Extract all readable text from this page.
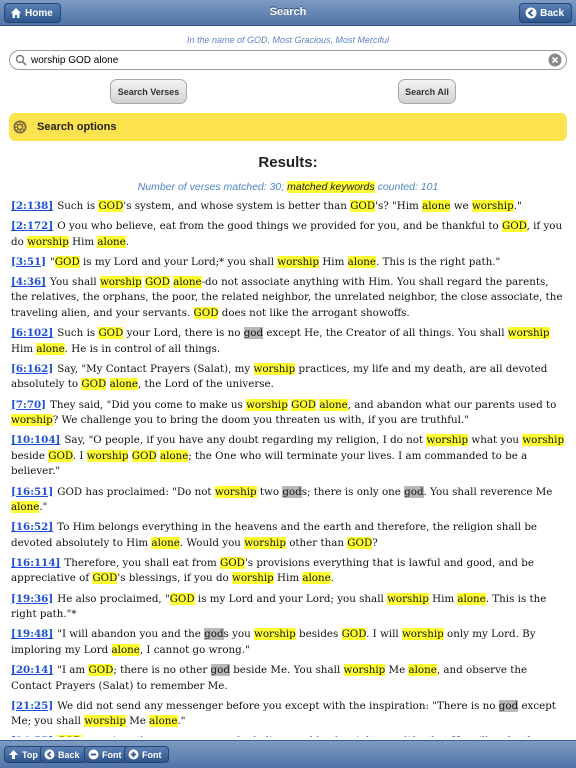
Home	Search	Back
In the name of GOD, Most Gracious, Most Merciful
worship GOD alone
Search Verses	Search All
Search options
Results:
Number of verses matched: 30; matched keywords counted: 101
[2:138] Such is GOD's system, and whose system is better than GOD's? "Him alone we worship."
[2:172] O you who believe, eat from the good things we provided for you, and be thankful to GOD, if you do worship Him alone.
[3:51] "GOD is my Lord and your Lord;* you shall worship Him alone. This is the right path."
[4:36] You shall worship GOD alone-do not associate anything with Him. You shall regard the parents, the relatives, the orphans, the poor, the related neighbor, the unrelated neighbor, the close associate, the traveling alien, and your servants. GOD does not like the arrogant showoffs.
[6:102] Such is GOD your Lord, there is no god except He, the Creator of all things. You shall worship Him alone. He is in control of all things.
[6:162] Say, "My Contact Prayers (Salat), my worship practices, my life and my death, are all devoted absolutely to GOD alone, the Lord of the universe.
[7:70] They said, "Did you come to make us worship GOD alone, and abandon what our parents used to worship? We challenge you to bring the doom you threaten us with, if you are truthful."
[10:104] Say, "O people, if you have any doubt regarding my religion, I do not worship what you worship beside GOD. I worship GOD alone; the One who will terminate your lives. I am commanded to be a believer."
[16:51] GOD has proclaimed: "Do not worship two gods; there is only one god. You shall reverence Me alone."
[16:52] To Him belongs everything in the heavens and the earth and therefore, the religion shall be devoted absolutely to Him alone. Would you worship other than GOD?
[16:114] Therefore, you shall eat from GOD's provisions everything that is lawful and good, and be appreciative of GOD's blessings, if you do worship Him alone.
[19:36] He also proclaimed, "GOD is my Lord and your Lord; you shall worship Him alone. This is the right path."*
[19:48] "I will abandon you and the gods you worship besides GOD. I will worship only my Lord. By imploring my Lord alone, I cannot go wrong."
[20:14] "I am GOD; there is no other god beside Me. You shall worship Me alone, and observe the Contact Prayers (Salat) to remember Me.
[21:25] We did not send any messenger before you except with the inspiration: "There is no god except Me; you shall worship Me alone."
Top Back Font Font
